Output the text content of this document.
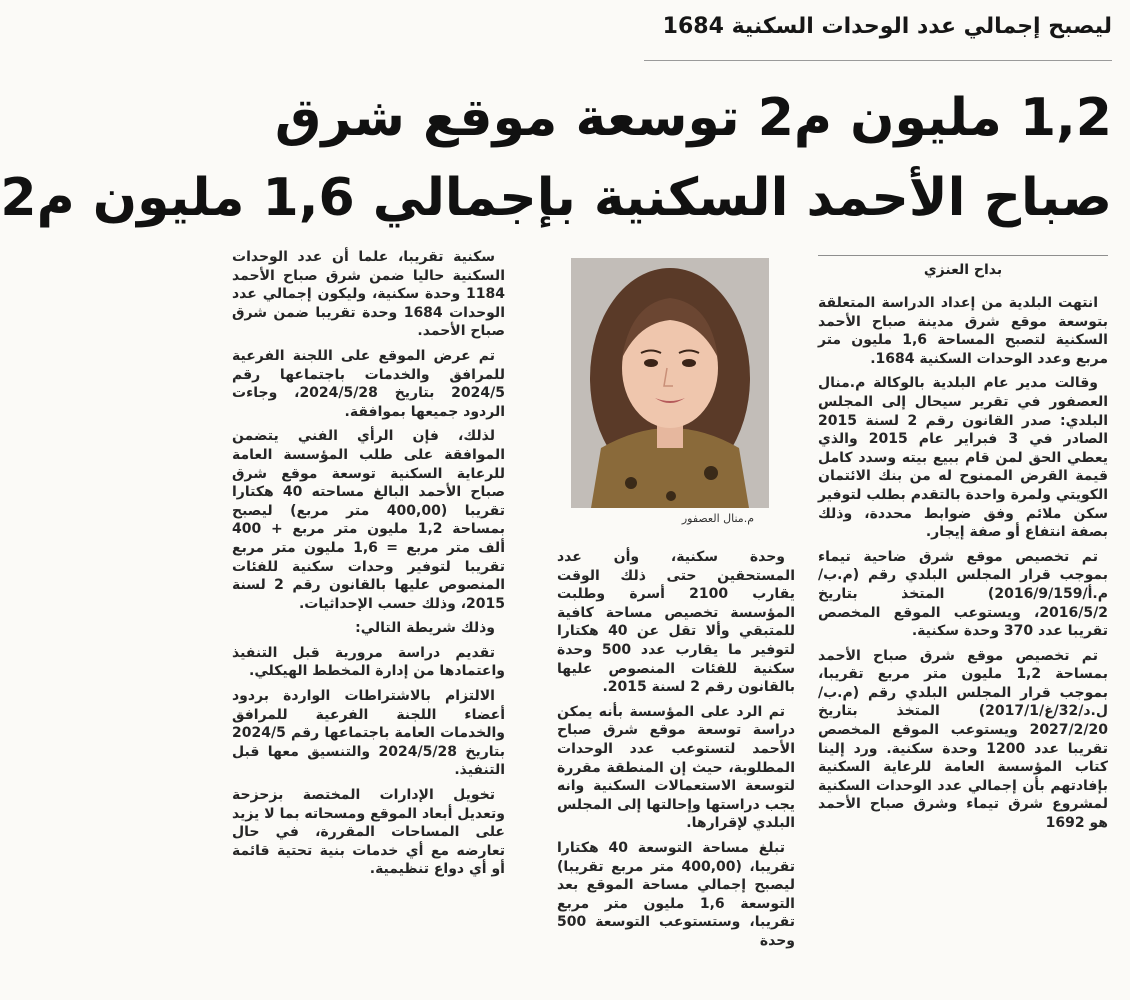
ليصبح إجمالي عدد الوحدات السكنية 1684
1,2 مليون م2 توسعة موقع شرق
صباح الأحمد السكنية بإجمالي 1,6 مليون م2
بداح العنزي

انتهت البلدية من إعداد الدراسة المتعلقة بتوسعة موقع شرق مدينة صباح الأحمد السكنية لتصبح المساحة 1,6 مليون متر مربع وعدد الوحدات السكنية 1684.

وقالت مدير عام البلدية بالوكالة م.منال العصفور في تقرير سيحال إلى المجلس البلدي: صدر القانون رقم 2 لسنة 2015 الصادر في 3 فبراير عام 2015 والذي يعطي الحق لمن قام ببيع بيته وسدد كامل قيمة القرض الممنوح له من بنك الائتمان الكويتي ولمرة واحدة بالتقدم بطلب لتوفير سكن ملائم وفق ضوابط محددة، وذلك بصفة انتفاع أو صفة إيجار.

تم تخصيص موقع شرق ضاحية تيماء بموجب قرار المجلس البلدي رقم (م.ب/م.أ/2016/9/159) المتخذ بتاريخ 2016/5/2، ويستوعب الموقع المخصص تقريبا عدد 370 وحدة سكنية.

تم تخصيص موقع شرق صباح الأحمد بمساحة 1,2 مليون متر مربع تقريبا، بموجب قرار المجلس البلدي رقم (م.ب/ل.د/32/غ/2017/1) المتخذ بتاريخ 2027/2/20 ويستوعب الموقع المخصص تقريبا عدد 1200 وحدة سكنية. ورد إلينا كتاب المؤسسة العامة للرعاية السكنية بإفادتهم بأن إجمالي عدد الوحدات السكنية لمشروع شرق تيماء وشرق صباح الأحمد هو 1692

م.منال العصفور

وحدة سكنية، وأن عدد المستحقين حتى ذلك الوقت يقارب 2100 أسرة وطلبت المؤسسة تخصيص مساحة كافية للمتبقي وألا تقل عن 40 هكتارا لتوفير ما يقارب عدد 500 وحدة سكنية للفئات المنصوص عليها بالقانون رقم 2 لسنة 2015.

تم الرد على المؤسسة بأنه يمكن دراسة توسعة موقع شرق صباح الأحمد لتستوعب عدد الوحدات المطلوبة، حيث إن المنطقة مقررة لتوسعة الاستعمالات السكنية وانه يجب دراستها وإحالتها إلى المجلس البلدي لإقرارها.

تبلغ مساحة التوسعة 40 هكتارا تقريبا، (400,00 متر مربع تقريبا) ليصبح إجمالي مساحة الموقع بعد التوسعة 1,6 مليون متر مربع تقريبا، وستستوعب التوسعة 500 وحدة

سكنية تقريبا، علما أن عدد الوحدات السكنية حاليا ضمن شرق صباح الأحمد 1184 وحدة سكنية، وليكون إجمالي عدد الوحدات 1684 وحدة تقريبا ضمن شرق صباح الأحمد.

تم عرض الموقع على اللجنة الفرعية للمرافق والخدمات باجتماعها رقم 2024/5 بتاريخ 2024/5/28، وجاءت الردود جميعها بموافقة.

لذلك، فإن الرأي الفني يتضمن الموافقة على طلب المؤسسة العامة للرعاية السكنية توسعة موقع شرق صباح الأحمد البالغ مساحته 40 هكتارا تقريبا (400,00 متر مربع) ليصبح بمساحة 1,2 مليون متر مربع + 400 ألف متر مربع = 1,6 مليون متر مربع تقريبا لتوفير وحدات سكنية للفئات المنصوص عليها بالقانون رقم 2 لسنة 2015، وذلك حسب الإحداثيات.

وذلك شريطة التالي:

تقديم دراسة مرورية قبل التنفيذ واعتمادها من إدارة المخطط الهيكلي.

الالتزام بالاشتراطات الواردة بردود أعضاء اللجنة الفرعية للمرافق والخدمات العامة باجتماعها رقم 2024/5 بتاريخ 2024/5/28 والتنسيق معها قبل التنفيذ.

تخويل الإدارات المختصة بزحزحة وتعديل أبعاد الموقع ومسحاته بما لا يزيد على المساحات المقررة، في حال تعارضه مع أي خدمات بنية تحتية قائمة أو أي دواع تنظيمية.
